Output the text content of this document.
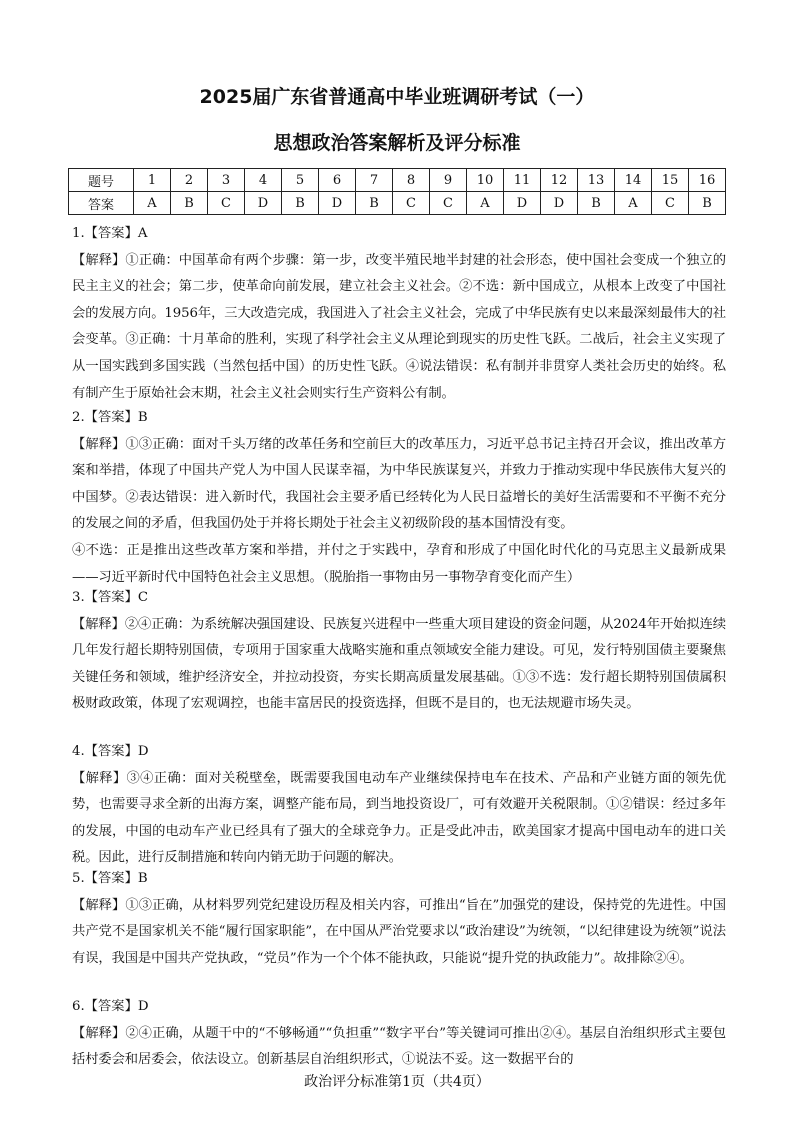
2025届广东省普通高中毕业班调研考试（一）
思想政治答案解析及评分标准
题号	1	2	3	4	5	6	7	8	9	10	11	12	13	14	15	16
答案	A	B	C	D	B	D	B	C	C	A	D	D	B	A	C	B

1.【答案】A

【解释】①正确：中国革命有两个步骤：第一步，改变半殖民地半封建的社会形态，使中国社会变成一个独立的民主主义的社会；第二步，使革命向前发展，建立社会主义社会。②不选：新中国成立，从根本上改变了中国社会的发展方向。1956年，三大改造完成，我国进入了社会主义社会，完成了中华民族有史以来最深刻最伟大的社会变革。③正确：十月革命的胜利，实现了科学社会主义从理论到现实的历史性飞跃。二战后，社会主义实现了从一国实践到多国实践（当然包括中国）的历史性飞跃。④说法错误：私有制并非贯穿人类社会历史的始终。私有制产生于原始社会末期，社会主义社会则实行生产资料公有制。

2.【答案】B

【解释】①③正确：面对千头万绪的改革任务和空前巨大的改革压力，习近平总书记主持召开会议，推出改革方案和举措，体现了中国共产党人为中国人民谋幸福，为中华民族谋复兴，并致力于推动实现中华民族伟大复兴的中国梦。②表达错误：进入新时代，我国社会主要矛盾已经转化为人民日益增长的美好生活需要和不平衡不充分的发展之间的矛盾，但我国仍处于并将长期处于社会主义初级阶段的基本国情没有变。

④不选：正是推出这些改革方案和举措，并付之于实践中，孕育和形成了中国化时代化的马克思主义最新成果——习近平新时代中国特色社会主义思想。（脱胎指一事物由另一事物孕育变化而产生）

3.【答案】C

【解释】②④正确：为系统解决强国建设、民族复兴进程中一些重大项目建设的资金问题，从2024年开始拟连续几年发行超长期特别国债，专项用于国家重大战略实施和重点领域安全能力建设。可见，发行特别国债主要聚焦关键任务和领域，维护经济安全，并拉动投资，夯实长期高质量发展基础。①③不选：发行超长期特别国债属积极财政政策，体现了宏观调控，也能丰富居民的投资选择，但既不是目的，也无法规避市场失灵。

4.【答案】D

【解释】③④正确：面对关税壁垒，既需要我国电动车产业继续保持电车在技术、产品和产业链方面的领先优势，也需要寻求全新的出海方案，调整产能布局，到当地投资设厂，可有效避开关税限制。①②错误：经过多年的发展，中国的电动车产业已经具有了强大的全球竞争力。正是受此冲击，欧美国家才提高中国电动车的进口关税。因此，进行反制措施和转向内销无助于问题的解决。

5.【答案】B

【解释】①③正确，从材料罗列党纪建设历程及相关内容，可推出“旨在”加强党的建设，保持党的先进性。中国共产党不是国家机关不能“履行国家职能”，在中国从严治党要求以“政治建设”为统领，“以纪律建设为统领”说法有误，我国是中国共产党执政，“党员”作为一个个体不能执政，只能说“提升党的执政能力”。故排除②④。

6.【答案】D

【解释】②④正确，从题干中的“不够畅通”“负担重”“数字平台”等关键词可推出②④。基层自治组织形式主要包括村委会和居委会，依法设立。创新基层自治组织形式，①说法不妥。这一数据平台的

政治评分标准第1页（共4页）
